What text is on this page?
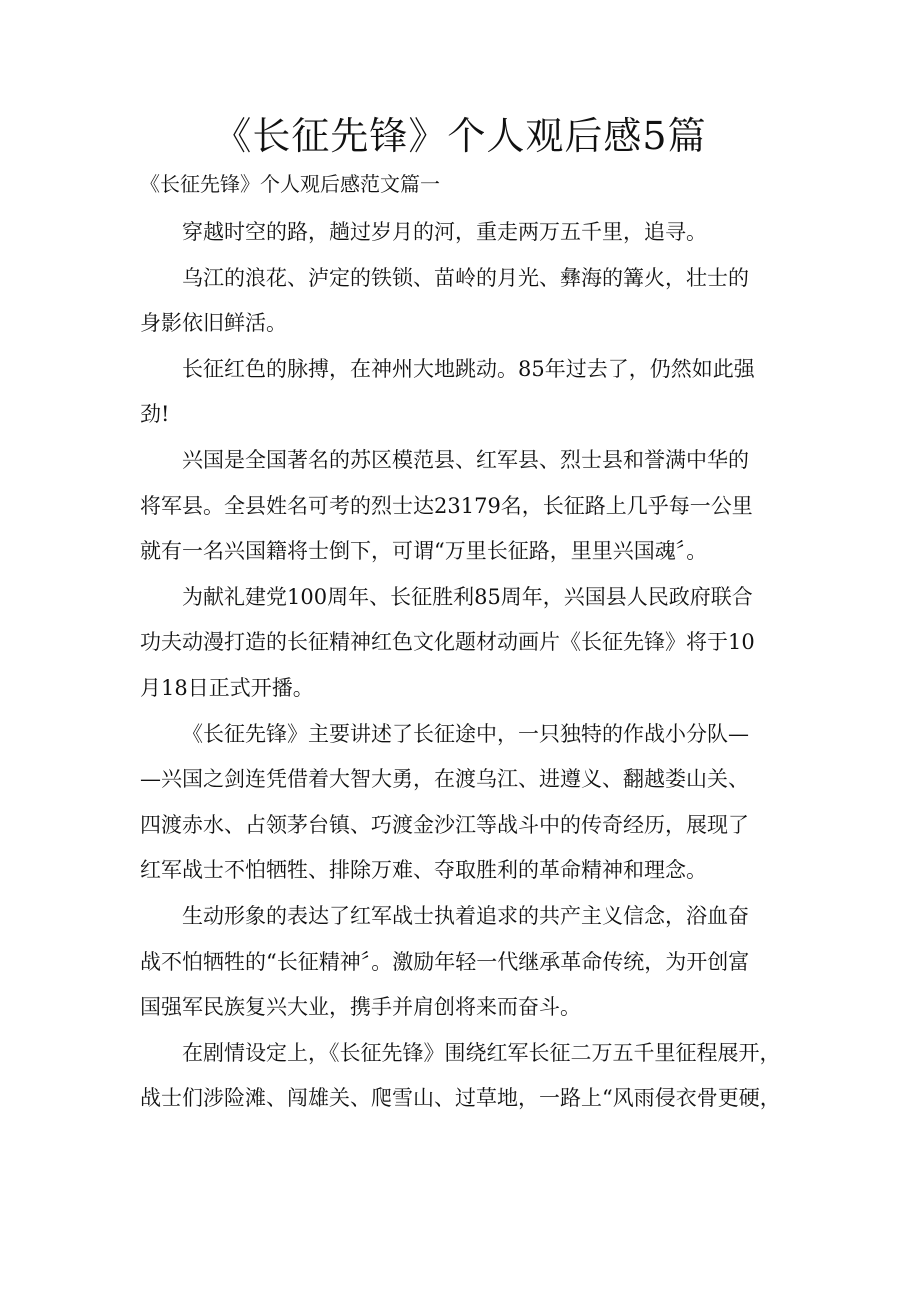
《长征先锋》个人观后感5篇

《长征先锋》个人观后感范文篇一

穿越时空的路，趟过岁月的河，重走两万五千里，追寻。

乌江的浪花、泸定的铁锁、苗岭的月光、彝海的篝火，壮士的
身影依旧鲜活。

长征红色的脉搏，在神州大地跳动。85年过去了，仍然如此强
劲!

兴国是全国著名的苏区模范县、红军县、烈士县和誉满中华的
将军县。全县姓名可考的烈士达23179名，长征路上几乎每一公里
就有一名兴国籍将士倒下，可谓“万里长征路，里里兴国魂〞。

为献礼建党100周年、长征胜利85周年，兴国县人民政府联合
功夫动漫打造的长征精神红色文化题材动画片《长征先锋》将于10
月18日正式开播。

《长征先锋》主要讲述了长征途中，一只独特的作战小分队—
—兴国之剑连凭借着大智大勇，在渡乌江、进遵义、翻越娄山关、
四渡赤水、占领茅台镇、巧渡金沙江等战斗中的传奇经历，展现了
红军战士不怕牺牲、排除万难、夺取胜利的革命精神和理念。

生动形象的表达了红军战士执着追求的共产主义信念，浴血奋
战不怕牺牲的“长征精神〞。激励年轻一代继承革命传统，为开创富
国强军民族复兴大业，携手并肩创将来而奋斗。

在剧情设定上，《长征先锋》围绕红军长征二万五千里征程展开，
战士们涉险滩、闯雄关、爬雪山、过草地，一路上“风雨侵衣骨更硬，
